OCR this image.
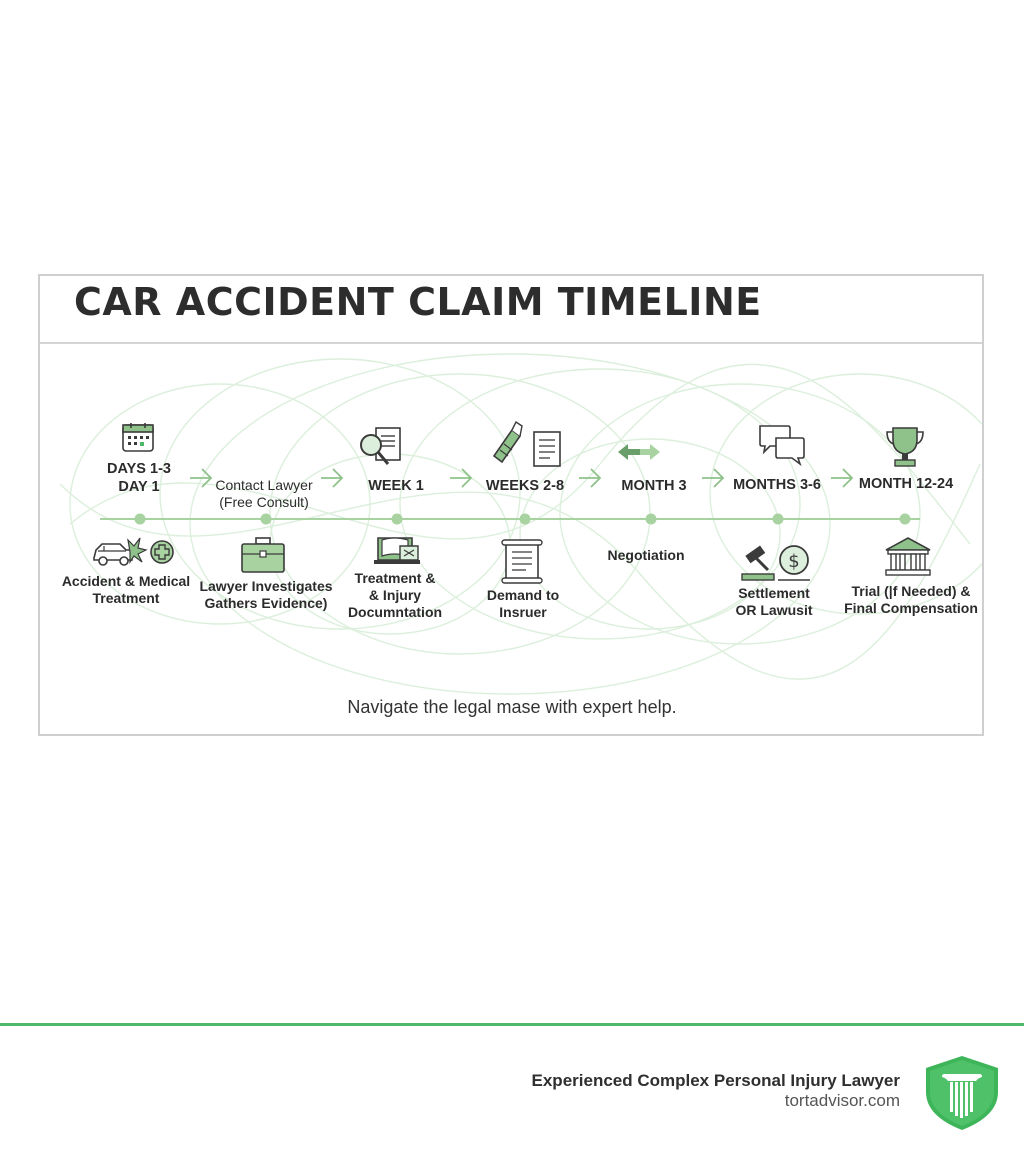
CAR ACCIDENT CLAIM TIMELINE
$
DAYS 1-3
DAY 1	Contact Lawyer
(Free Consult)
WEEK 1	WEEKS 2-8	MONTH 3	MONTHS 3-6	MONTH 12-24
Accident & Medical
Treatment
Lawyer Investigateѕ
Gathers Evidence)
Treatment &
& Injury
Documntation
Demand to
Insruer
Negotiation
Settlement
OR Lawusit
Trial (|f Needed) &
Final Compensation
Navigate the legal mase with expert help.
Experienced Complex Personal Injury Lawyer
tortadvisor.com
